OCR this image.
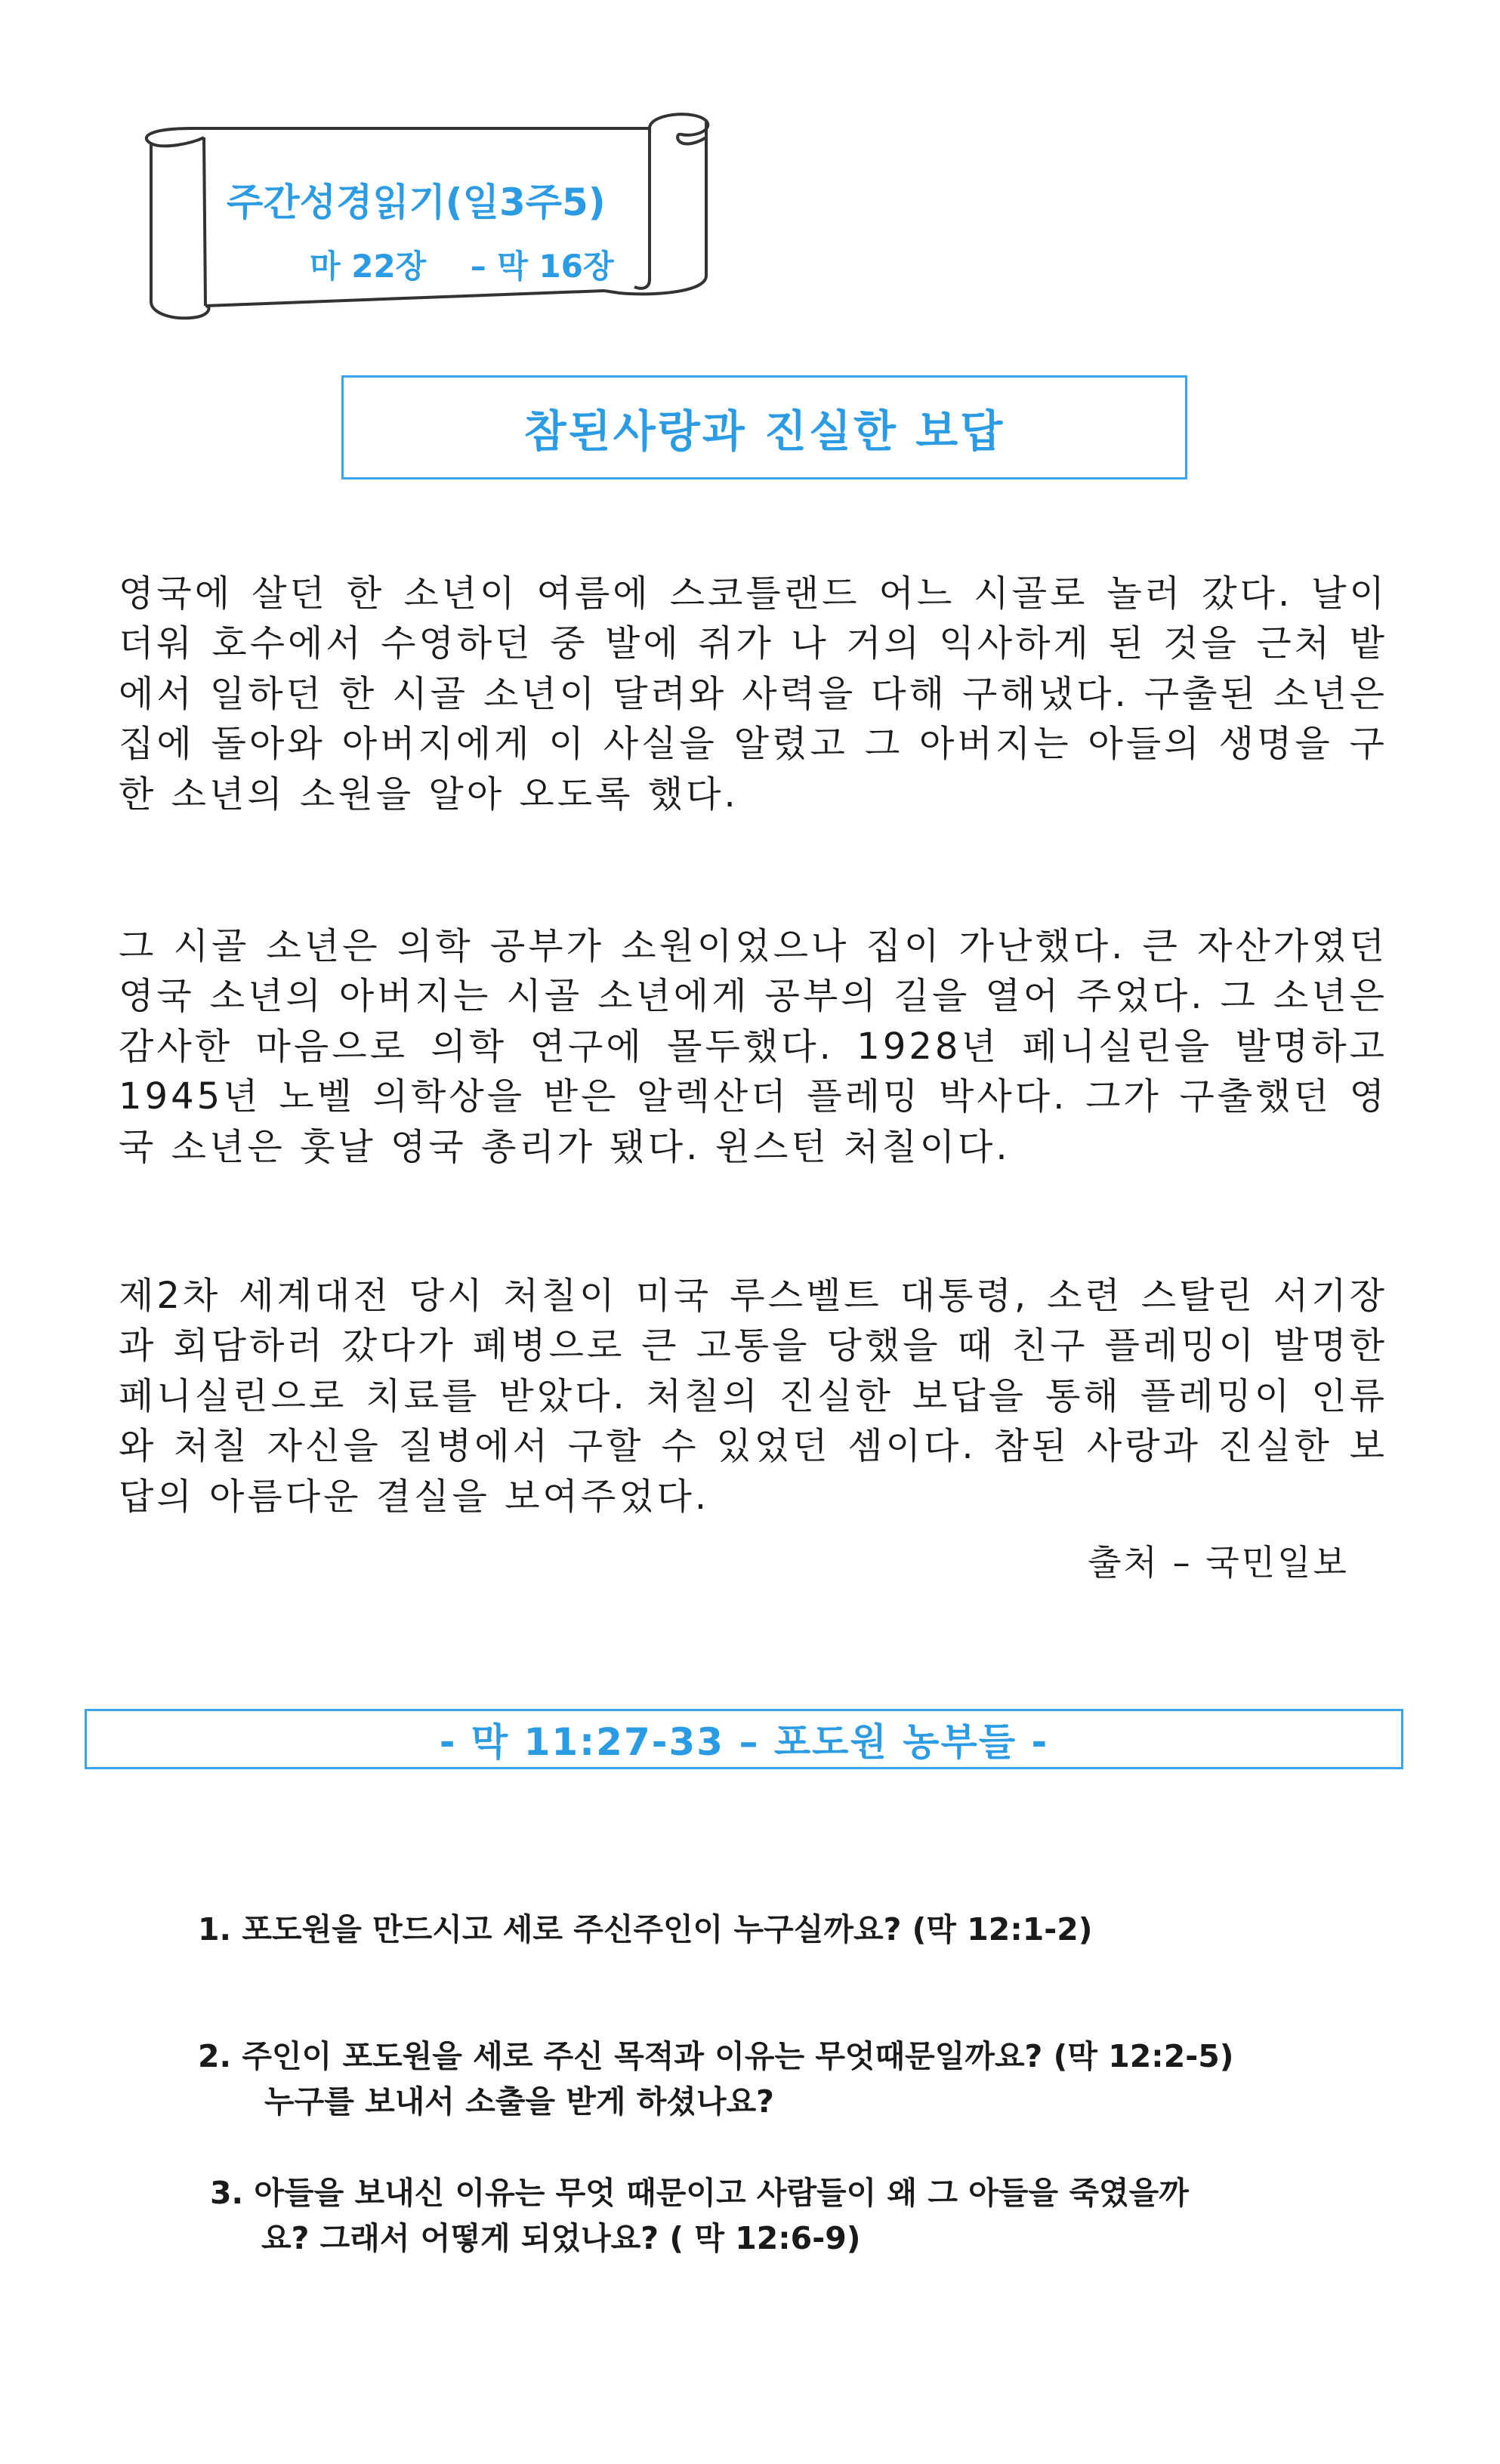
주간성경읽기(일3주5)
마 22장    – 막 16장
참된사랑과 진실한 보답

영국에 살던 한 소년이 여름에 스코틀랜드 어느 시골로 놀러 갔다. 날이 더워 호수에서 수영하던 중 발에 쥐가 나 거의 익사하게 된 것을 근처 밭에서 일하던 한 시골 소년이 달려와 사력을 다해 구해냈다. 구출된 소년은 집에 돌아와 아버지에게 이 사실을 알렸고 그 아버지는 아들의 생명을 구한 소년의 소원을 알아 오도록 했다.

그 시골 소년은 의학 공부가 소원이었으나 집이 가난했다. 큰 자산가였던 영국 소년의 아버지는 시골 소년에게 공부의 길을 열어 주었다. 그 소년은 감사한 마음으로 의학 연구에 몰두했다. 1928년 페니실린을 발명하고 1945년 노벨 의학상을 받은 알렉산더 플레밍 박사다. 그가 구출했던 영국 소년은 훗날 영국 총리가 됐다. 윈스턴 처칠이다.

제2차 세계대전 당시 처칠이 미국 루스벨트 대통령, 소련 스탈린 서기장과 회담하러 갔다가 폐병으로 큰 고통을 당했을 때 친구 플레밍이 발명한 페니실린으로 치료를 받았다. 처칠의 진실한 보답을 통해 플레밍이 인류와 처칠 자신을 질병에서 구할 수 있었던 셈이다. 참된 사랑과 진실한 보답의 아름다운 결실을 보여주었다.

출처 – 국민일보
- 막 11:27-33 – 포도원 농부들 -
1. 포도원을 만드시고 세로 주신주인이 누구실까요? (막 12:1-2)
2. 주인이 포도원을 세로 주신 목적과 이유는 무엇때문일까요? (막 12:2-5)
누구를 보내서 소출을 받게 하셨나요?
3. 아들을 보내신 이유는 무엇 때문이고 사람들이 왜 그 아들을 죽였을까
요? 그래서 어떻게 되었나요? ( 막 12:6-9)
